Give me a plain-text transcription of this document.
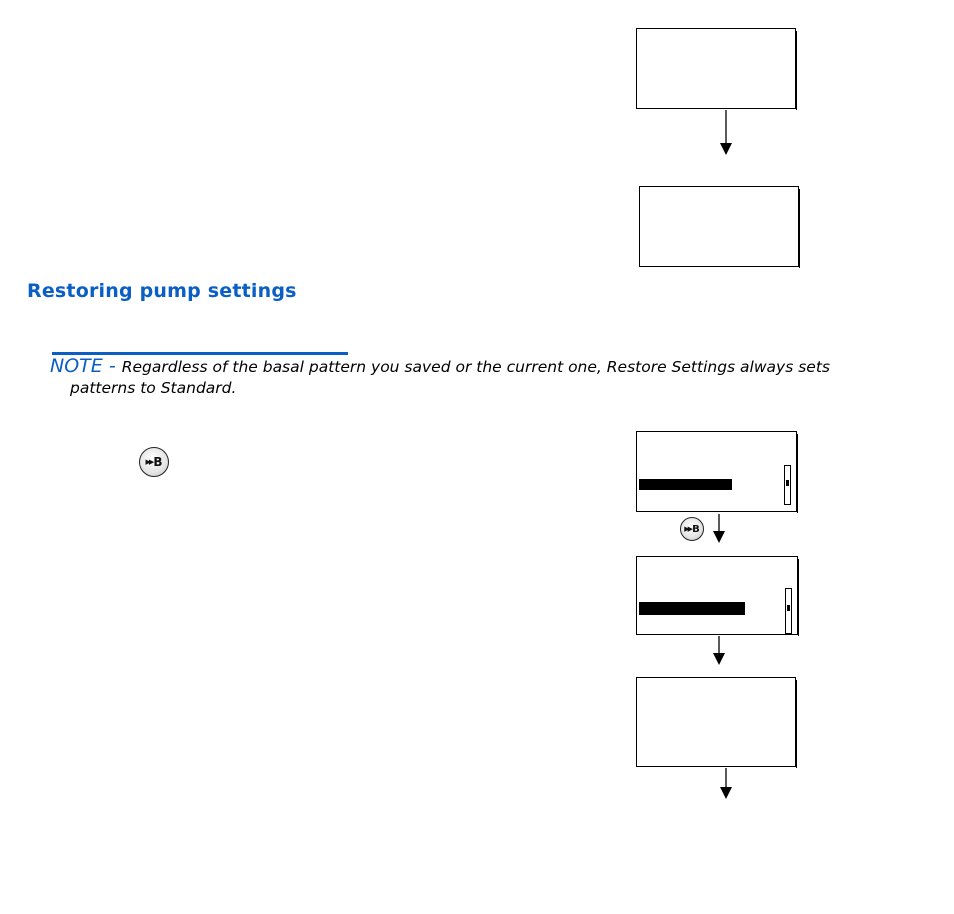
Restoring pump settings
NOTE - Regardless of the basal pattern you saved or the current one, Restore Settings always sets
patterns to Standard.
▶▶ B
▶▶ B
